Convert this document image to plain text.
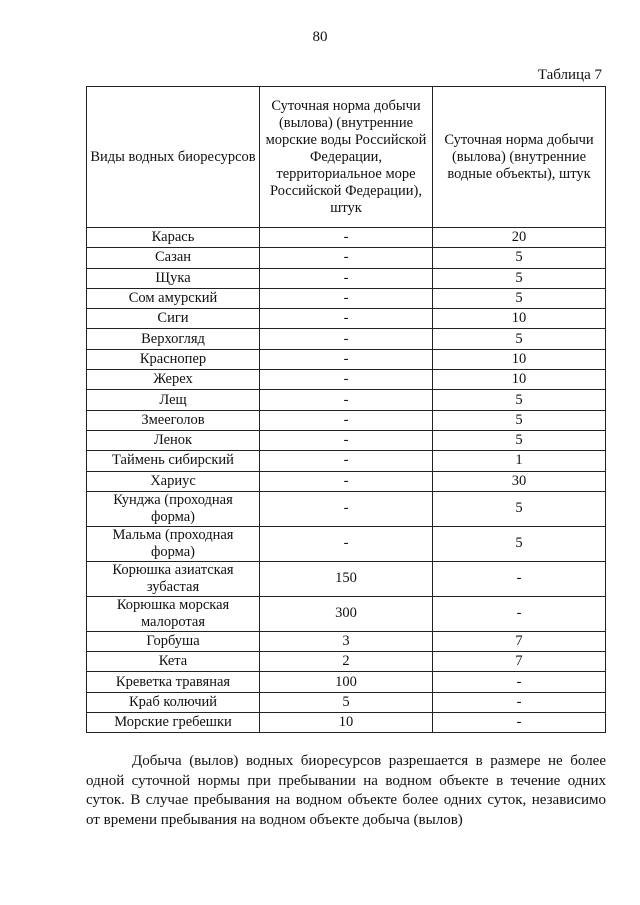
80
Таблица 7
Виды водных биоресурсов	Суточная норма добычи (вылова) (внутренние морские воды Российской Федерации, территориальное море Российской Федерации), штук	Суточная норма добычи (вылова) (внутренние водные объекты), штук
Карась	-	20
Сазан	-	5
Щука	-	5
Сом амурский	-	5
Сиги	-	10
Верхогляд	-	5
Краснопер	-	10
Жерех	-	10
Лещ	-	5
Змееголов	-	5
Ленок	-	5
Таймень сибирский	-	1
Хариус	-	30
Кунджа (проходная форма)	-	5
Мальма (проходная форма)	-	5
Корюшка азиатская зубастая	150	-
Корюшка морская малоротая	300	-
Горбуша	3	7
Кета	2	7
Креветка травяная	100	-
Краб колючий	5	-
Морские гребешки	10	-

Добыча (вылов) водных биоресурсов разрешается в размере не более одной суточной нормы при пребывании на водном объекте в течение одних суток. В случае пребывания на водном объекте более одних суток, независимо от времени пребывания на водном объекте добыча (вылов)
